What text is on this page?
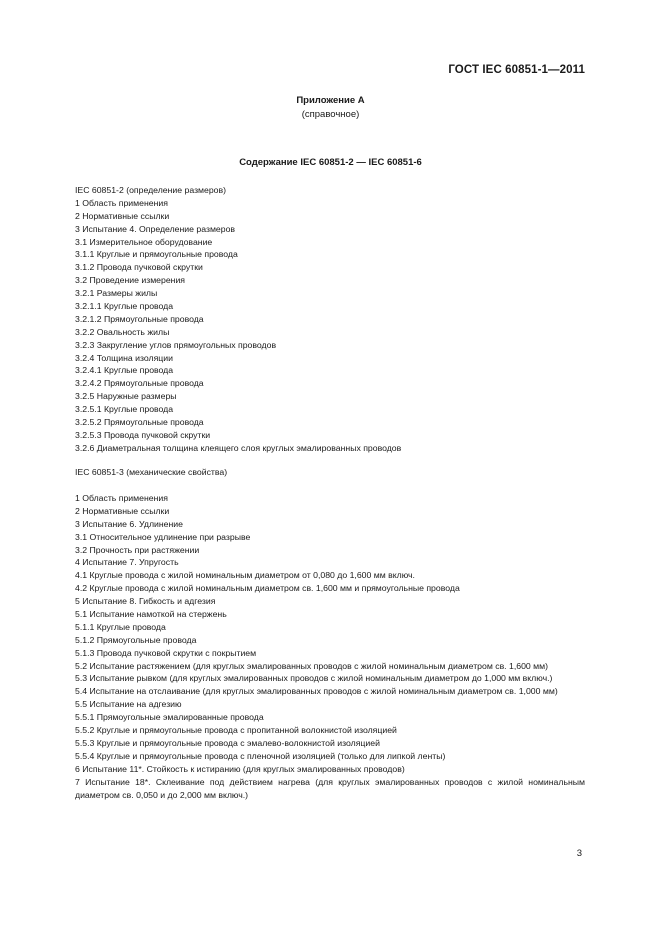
ГОСТ IEC 60851-1—2011
Приложение А
(справочное)
Содержание IEC 60851-2 — IEC 60851-6
IEC 60851-2 (определение размеров)
1 Область применения
2 Нормативные ссылки
3 Испытание 4. Определение размеров
3.1 Измерительное оборудование
3.1.1 Круглые и прямоугольные провода
3.1.2 Провода пучковой скрутки
3.2 Проведение измерения
3.2.1 Размеры жилы
3.2.1.1 Круглые провода
3.2.1.2 Прямоугольные провода
3.2.2 Овальность жилы
3.2.3 Закругление углов прямоугольных проводов
3.2.4 Толщина изоляции
3.2.4.1 Круглые провода
3.2.4.2 Прямоугольные провода
3.2.5 Наружные размеры
3.2.5.1 Круглые провода
3.2.5.2 Прямоугольные провода
3.2.5.3 Провода пучковой скрутки
3.2.6 Диаметральная толщина клеящего слоя круглых эмалированных проводов
IEC 60851-3 (механические свойства)
1 Область применения
2 Нормативные ссылки
3 Испытание 6. Удлинение
3.1 Относительное удлинение при разрыве
3.2 Прочность при растяжении
4 Испытание 7. Упругость
4.1 Круглые провода с жилой номинальным диаметром от 0,080 до 1,600 мм включ.
4.2 Круглые провода с жилой номинальным диаметром св. 1,600 мм и прямоугольные провода
5 Испытание 8. Гибкость и адгезия
5.1 Испытание намоткой на стержень
5.1.1 Круглые провода
5.1.2 Прямоугольные провода
5.1.3 Провода пучковой скрутки с покрытием

5.2 Испытание растяжением (для круглых эмалированных проводов с жилой номинальным диаметром св. 1,600 мм)

5.3 Испытание рывком (для круглых эмалированных проводов с жилой номинальным диаметром до 1,000 мм включ.)

5.4 Испытание на отслаивание (для круглых эмалированных проводов с жилой номинальным диаметром св. 1,000 мм)

5.5 Испытание на адгезию
5.5.1 Прямоугольные эмалированные провода
5.5.2 Круглые и прямоугольные провода с пропитанной волокнистой изоляцией
5.5.3 Круглые и прямоугольные провода с эмалево-волокнистой изоляцией
5.5.4 Круглые и прямоугольные провода с пленочной изоляцией (только для липкой ленты)
6 Испытание 11*. Стойкость к истиранию (для круглых эмалированных проводов)

7 Испытание 18*. Склеивание под действием нагрева (для круглых эмалированных проводов с жилой номинальным диаметром св. 0,050 и до 2,000 мм включ.)

3
